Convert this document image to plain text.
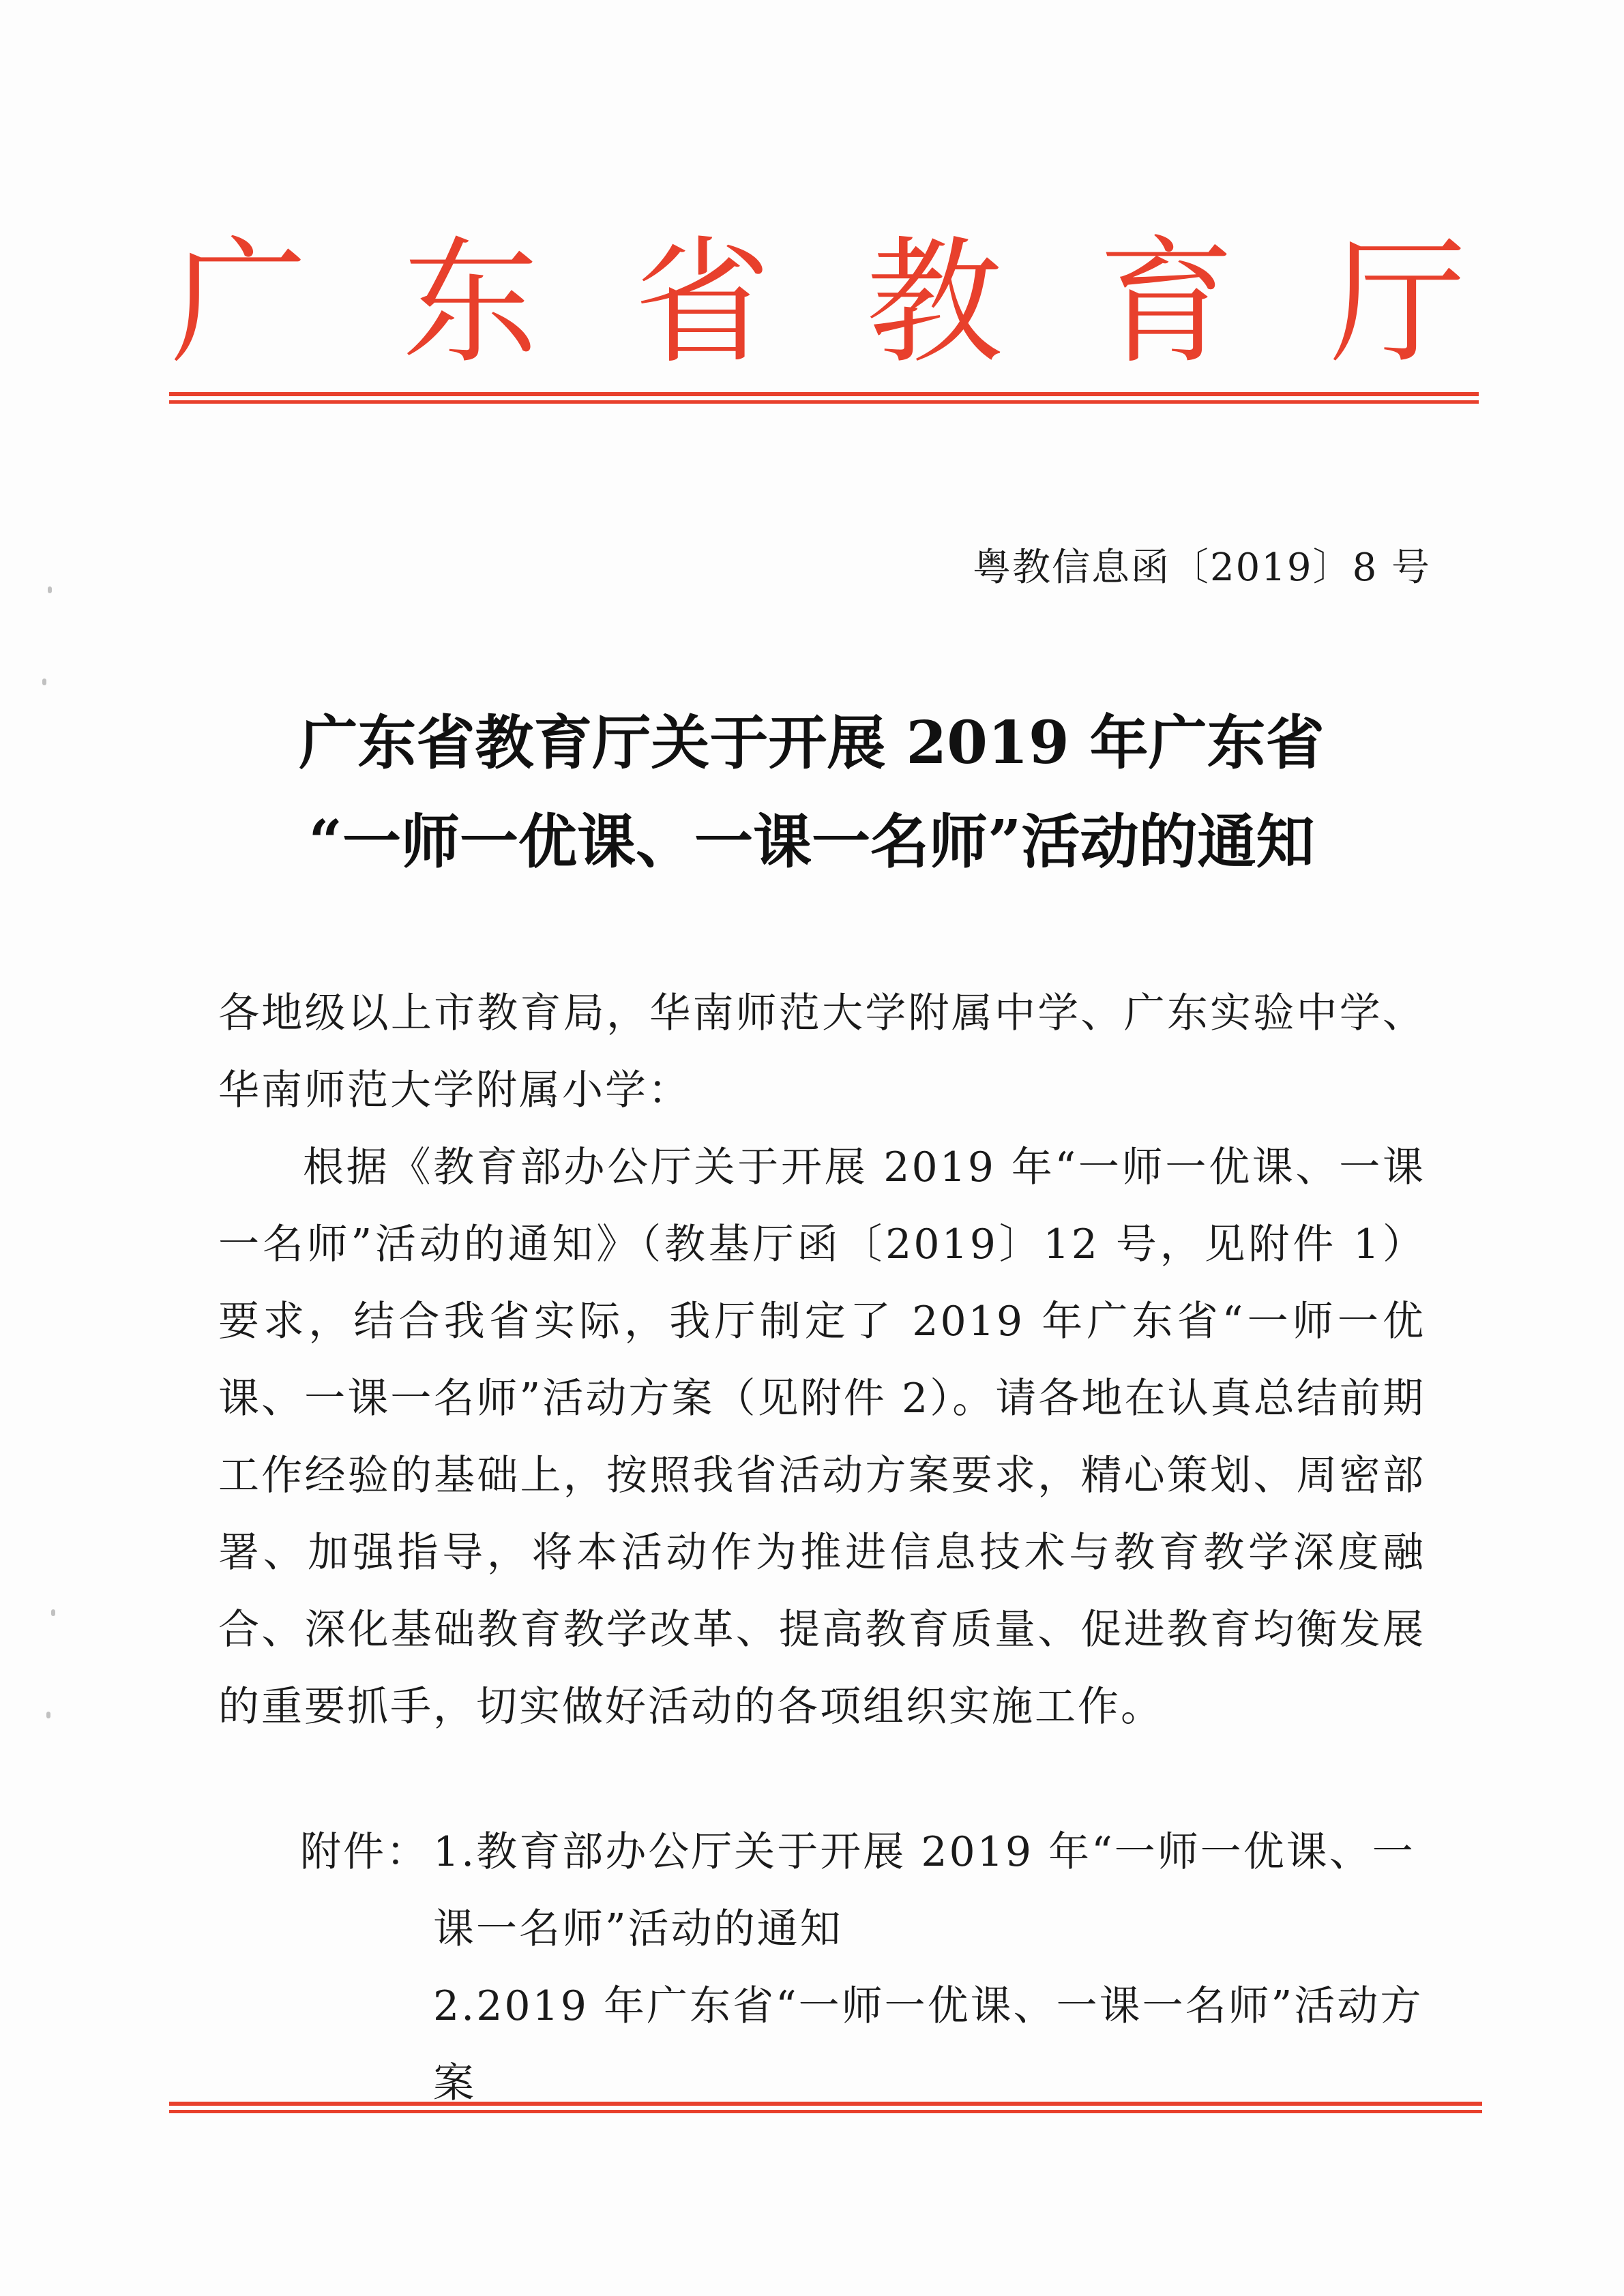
广 东 省 教 育 厅
粤教信息函〔2019〕8 号
广东省教育厅关于开展 2019 年广东省
“一师一优课、一课一名师”活动的通知
各地级以上市教育局，华南师范大学附属中学、广东实验中学、华南师范大学附属小学：
根据《教育部办公厅关于开展 2019 年“一师一优课、一课一名师”活动的通知》（教基厅函〔2019〕12 号，见附件 1）要求，结合我省实际，我厅制定了 2019 年广东省“一师一优课、一课一名师”活动方案（见附件 2）。请各地在认真总结前期工作经验的基础上，按照我省活动方案要求，精心策划、周密部署、加强指导，将本活动作为推进信息技术与教育教学深度融合、深化基础教育教学改革、提高教育质量、促进教育均衡发展的重要抓手，切实做好活动的各项组织实施工作。
附件： 1.教育部办公厅关于开展 2019 年“一师一优课、一课一名师”活动的通知
2.2019 年广东省“一师一优课、一课一名师”活动方案
